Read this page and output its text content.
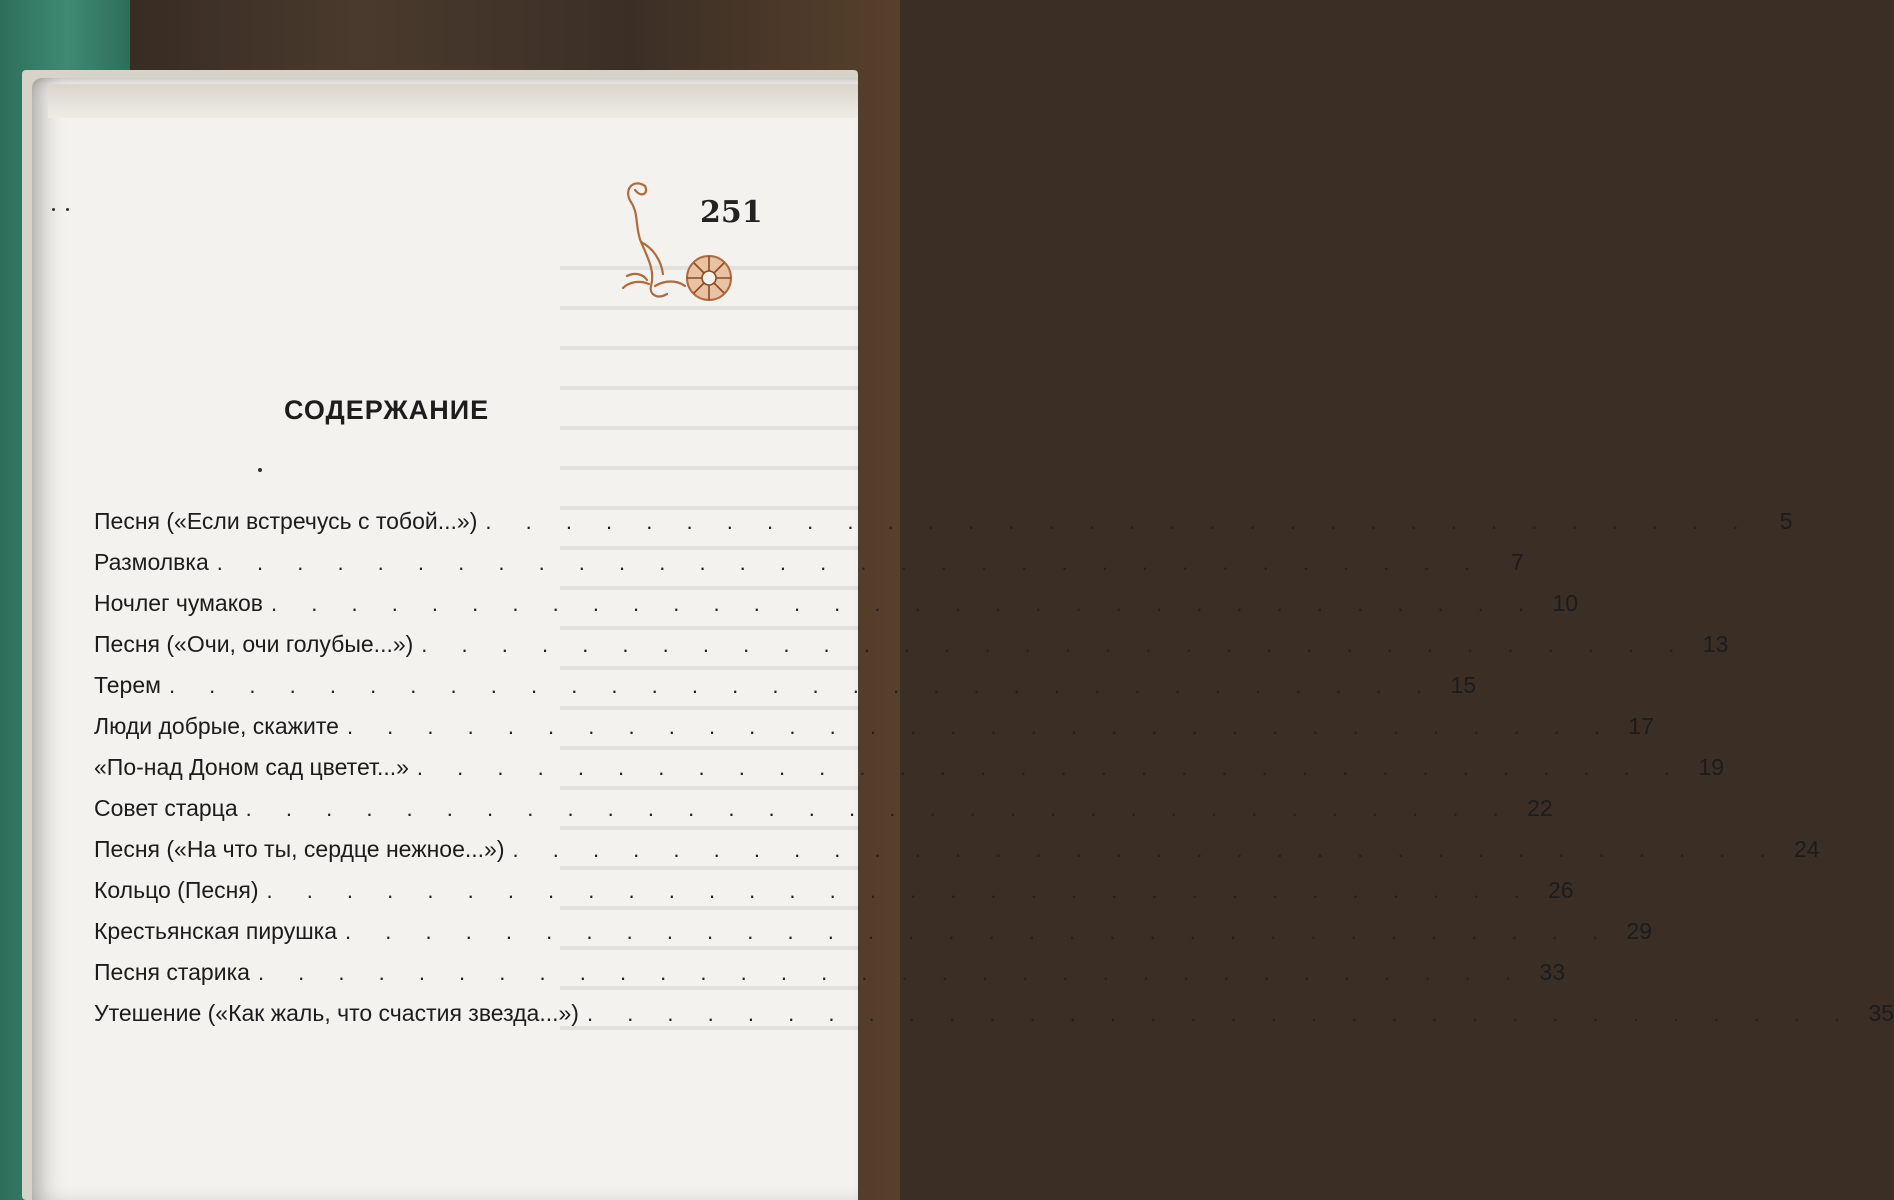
251
СОДЕРЖАНИЕ
Песня («Если встречусь с тобой...») . . . . . . . . . . . . . . . . . . . . . . . . . . . . . . . .	5
Размолвка . . . . . . . . . . . . . . . . . . . . . . . . . . . . . . . .	7
Ночлег чумаков . . . . . . . . . . . . . . . . . . . . . . . . . . . . . . . . 10
Песня («Очи, очи голубые...») . . . . . . . . . . . . . . . . . . . . . . . . . . . . . . . . 13
Терем . . . . . . . . . . . . . . . . . . . . . . . . . . . . . . . . 15
Люди добрые, скажите . . . . . . . . . . . . . . . . . . . . . . . . . . . . . . . . 17
«По-над Доном сад цветет...» . . . . . . . . . . . . . . . . . . . . . . . . . . . . . . . . 19
Совет старца . . . . . . . . . . . . . . . . . . . . . . . . . . . . . . . . 22
Песня («На что ты, сердце нежное...») . . . . . . . . . . . . . . . . . . . . . . . . . . . . . . . . 24
Кольцо (Песня) . . . . . . . . . . . . . . . . . . . . . . . . . . . . . . . . 26
Крестьянская пирушка . . . . . . . . . . . . . . . . . . . . . . . . . . . . . . . . 29
Песня старика . . . . . . . . . . . . . . . . . . . . . . . . . . . . . . . . 33
Утешение («Как жаль, что счастия звезда...») . . . . . . . . . . . . . . . . . . . . . . . . . . . . . . . . 35
